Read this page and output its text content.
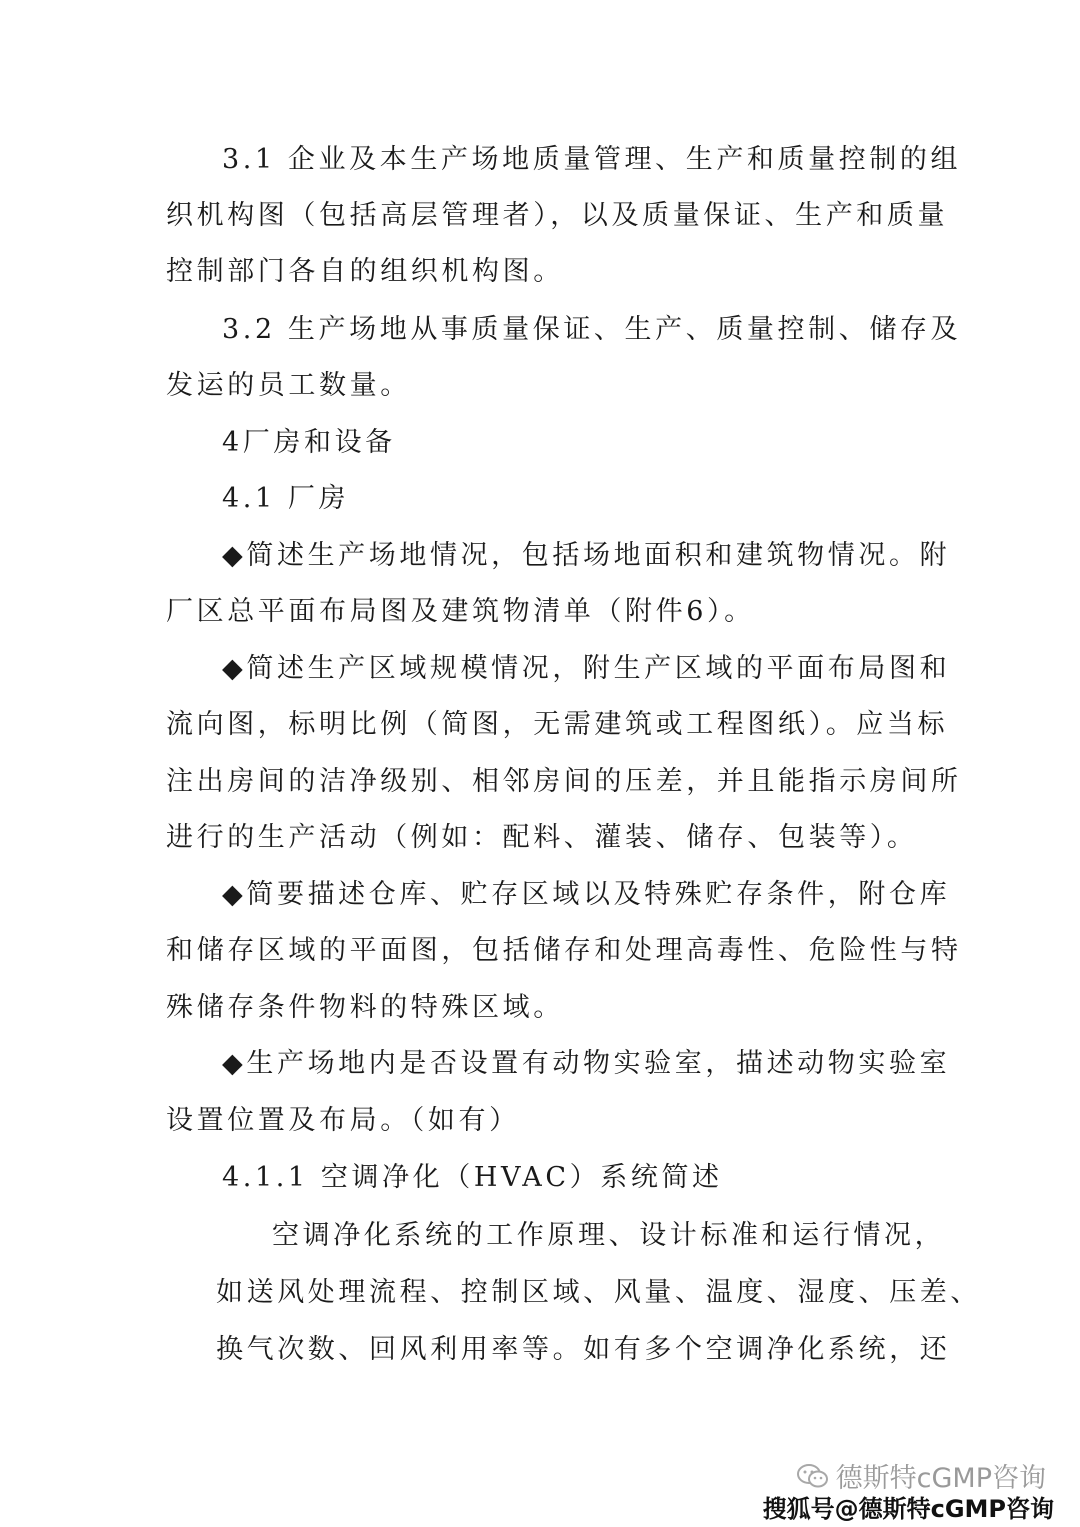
3.1 企业及本生产场地质量管理、生产和质量控制的组
织机构图（包括高层管理者），以及质量保证、生产和质量
控制部门各自的组织机构图。
3.2 生产场地从事质量保证、生产、质量控制、储存及
发运的员工数量。
4厂房和设备
4.1 厂房
◆简述生产场地情况，包括场地面积和建筑物情况。附
厂区总平面布局图及建筑物清单（附件6）。
◆简述生产区域规模情况，附生产区域的平面布局图和
流向图，标明比例（简图，无需建筑或工程图纸）。应当标
注出房间的洁净级别、相邻房间的压差，并且能指示房间所
进行的生产活动（例如：配料、灌装、储存、包装等）。
◆简要描述仓库、贮存区域以及特殊贮存条件，附仓库
和储存区域的平面图，包括储存和处理高毒性、危险性与特
殊储存条件物料的特殊区域。
◆生产场地内是否设置有动物实验室，描述动物实验室
设置位置及布局。（如有）
4.1.1 空调净化（HVAC）系统简述
空调净化系统的工作原理、设计标准和运行情况，
如送风处理流程、控制区域、风量、温度、湿度、压差、
换气次数、回风利用率等。如有多个空调净化系统，还
德斯特cGMP咨询
搜狐号@德斯特cGMP咨询
